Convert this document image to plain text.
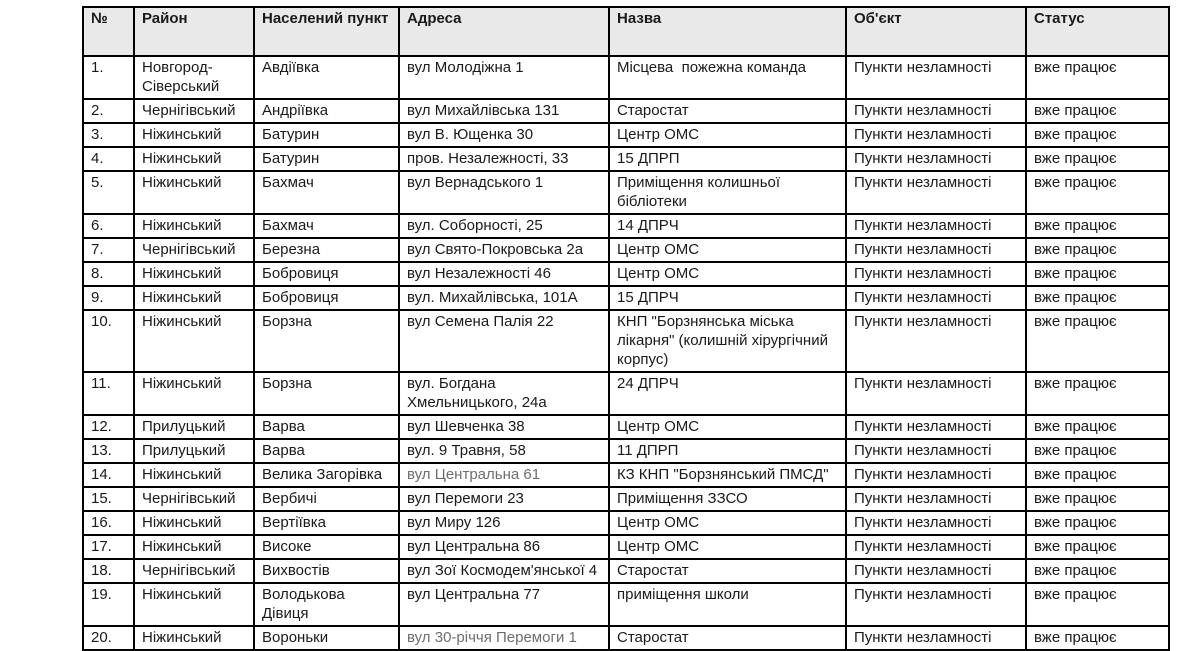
№	Район	Населений пункт	Адреса	Назва	Об'єкт	Статус
1.	Новгород-Сіверський	Авдіївка	вул Молодіжна 1	Місцева  пожежна команда	Пункти незламності	вже працює
2.	Чернігівський	Андріївка	вул Михайлівська 131	Старостат	Пункти незламності	вже працює
3.	Ніжинський	Батурин	вул В. Ющенка 30	Центр ОМС	Пункти незламності	вже працює
4.	Ніжинський	Батурин	пров. Незалежності, 33	15 ДПРП	Пункти незламності	вже працює
5.	Ніжинський	Бахмач	вул Вернадського 1	Приміщення колишньої бібліотеки	Пункти незламності	вже працює
6.	Ніжинський	Бахмач	вул. Соборності, 25	14 ДПРЧ	Пункти незламності	вже працює
7.	Чернігівський	Березна	вул Свято-Покровська 2а	Центр ОМС	Пункти незламності	вже працює
8.	Ніжинський	Бобровиця	вул Незалежності 46	Центр ОМС	Пункти незламності	вже працює
9.	Ніжинський	Бобровиця	вул. Михайлівська, 101А	15 ДПРЧ	Пункти незламності	вже працює
10.	Ніжинський	Борзна	вул Семена Палія 22	КНП "Борзнянська міська лікарня" (колишній хірургічний корпус)	Пункти незламності	вже працює
11.	Ніжинський	Борзна	вул. Богдана Хмельницького, 24а	24 ДПРЧ	Пункти незламності	вже працює
12.	Прилуцький	Варва	вул Шевченка 38	Центр ОМС	Пункти незламності	вже працює
13.	Прилуцький	Варва	вул. 9 Травня, 58	11 ДПРП	Пункти незламності	вже працює
14.	Ніжинський	Велика Загорівка	вул Центральна 61	КЗ КНП "Борзнянський ПМСД"	Пункти незламності	вже працює
15.	Чернігівський	Вербичі	вул Перемоги 23	Приміщення ЗЗСО	Пункти незламності	вже працює
16.	Ніжинський	Вертіївка	вул Миру 126	Центр ОМС	Пункти незламності	вже працює
17.	Ніжинський	Високе	вул Центральна 86	Центр ОМС	Пункти незламності	вже працює
18.	Чернігівський	Вихвостів	вул Зої Космодем'янської 4	Старостат	Пункти незламності	вже працює
19.	Ніжинський	Володькова Дівиця	вул Центральна 77	приміщення школи	Пункти незламності	вже працює
20.	Ніжинський	Вороньки	вул 30-річчя Перемоги 1	Старостат	Пункти незламності	вже працює
